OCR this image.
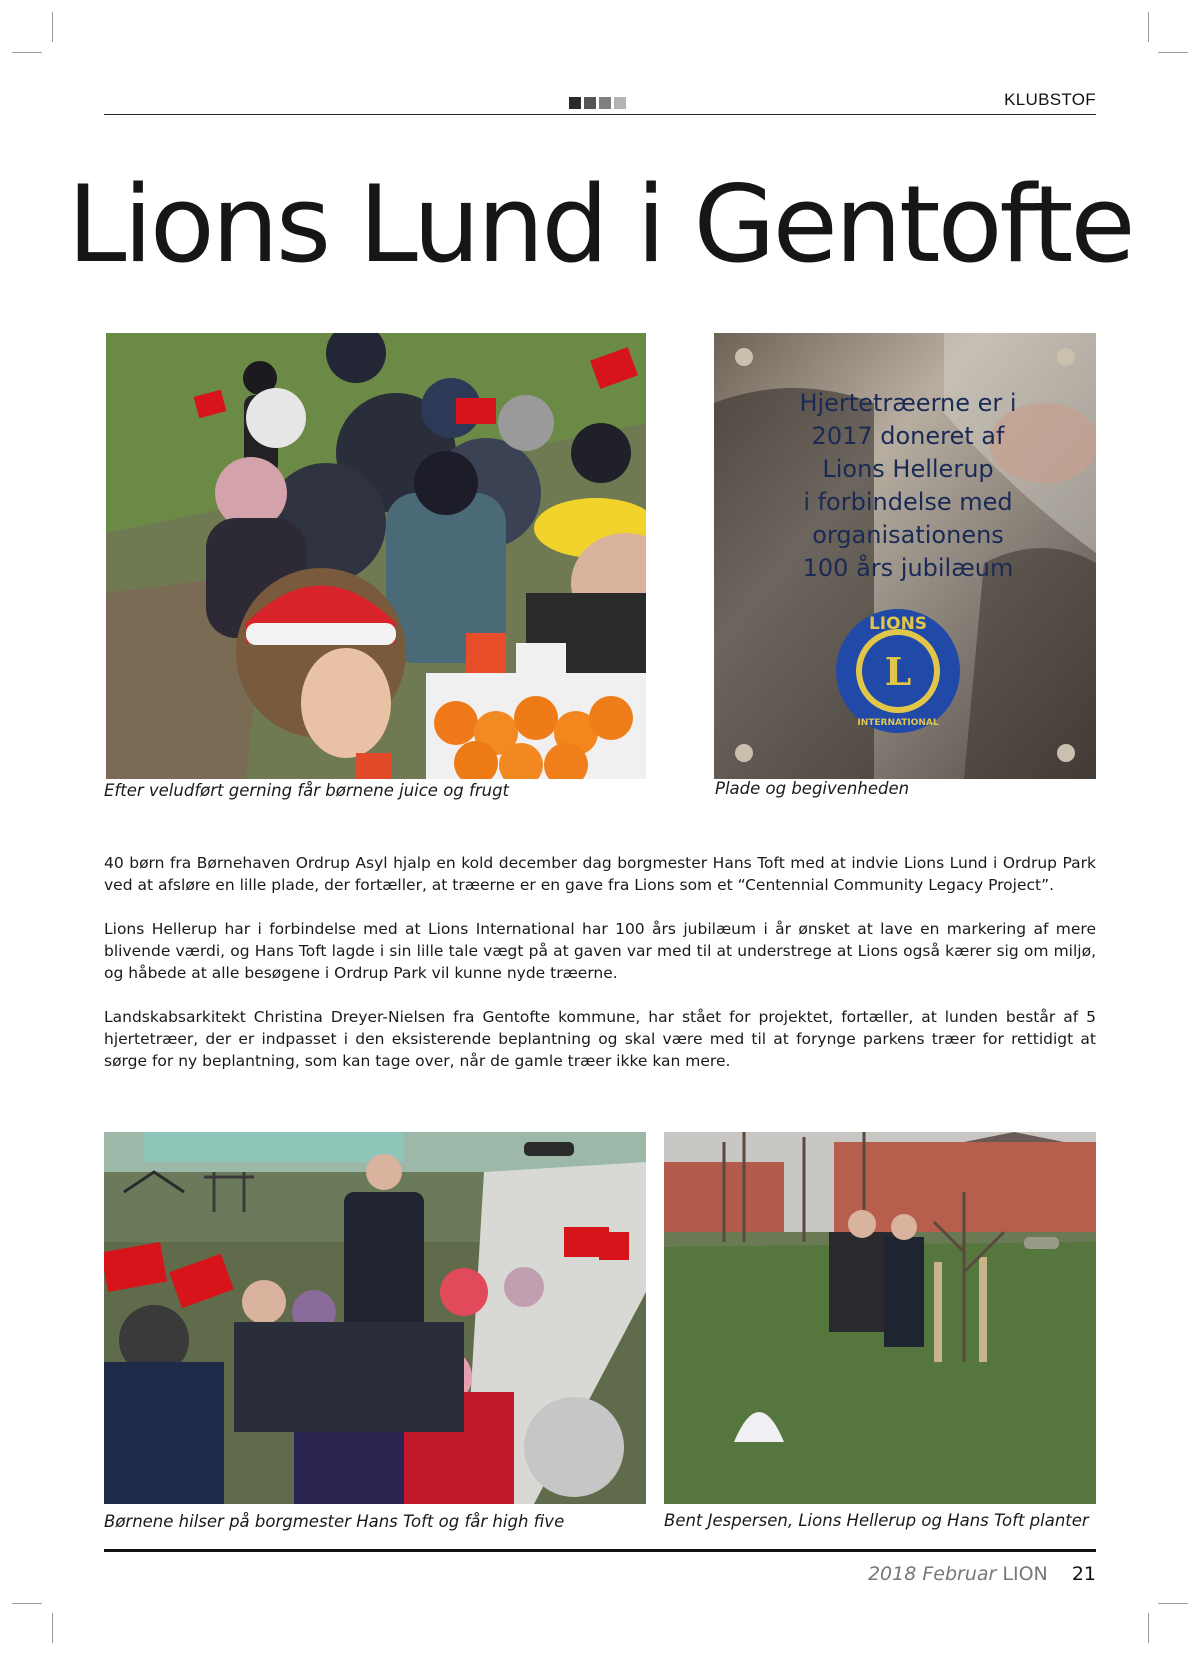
KLUBSTOF
Lions Lund i Gentofte
Efter veludført gerning får børnene juice og frugt
Hjertetræerne er i
2017 doneret af
Lions Hellerup
i forbindelse med
organisationens
100 års jubilæum
LIONS
L
INTERNATIONAL
Plade og begivenheden

40 børn fra Børnehaven Ordrup Asyl hjalp en kold december dag borgmester Hans Toft med at indvie Lions Lund i Ordrup Park ved at afsløre en lille plade, der fortæller, at træerne er en gave fra Lions som et “Centennial Community Legacy Project”.

Lions Hellerup har i forbindelse med at Lions International har 100 års jubilæum i år ønsket at lave en markering af mere blivende værdi, og Hans Toft lagde i sin lille tale vægt på at gaven var med til at understrege at Lions også kærer sig om miljø, og håbede at alle besøgene i Ordrup Park vil kunne nyde træerne.

Landskabsarkitekt Christina Dreyer-Nielsen fra Gentofte kommune, har stået for projektet, fortæller, at lunden består af 5 hjertetræer, der er indpasset i den eksisterende beplantning og skal være med til at forynge parkens træer for rettidigt at sørge for ny beplantning, som kan tage over, når de gamle træer ikke kan mere.

Børnene hilser på borgmester Hans Toft og får high five	Bent Jespersen, Lions Hellerup og Hans Toft planter
2018 Februar LION 21
